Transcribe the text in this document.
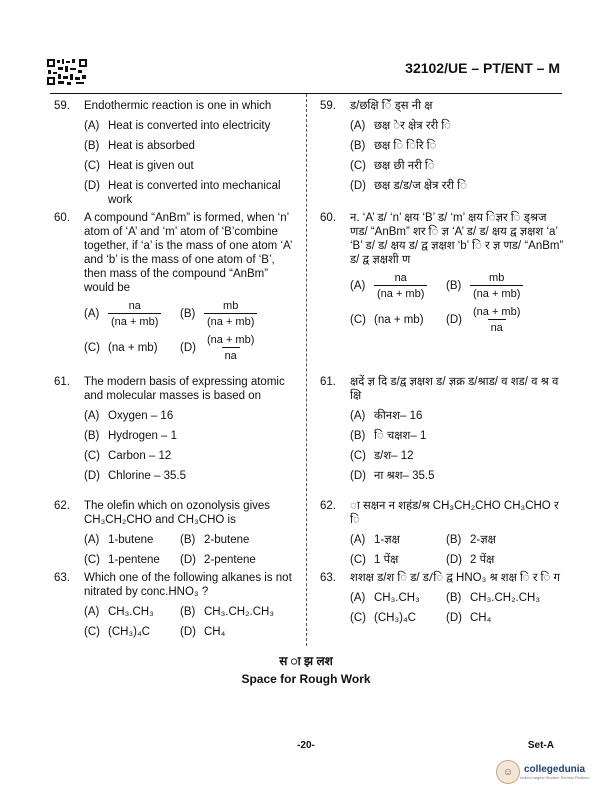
32102/UE – PT/ENT – M
59.	Endothermic reaction is one in which
(A) Heat is converted into electricity
(B) Heat is absorbed
(C) Heat is given out
(D) Heat is converted into mechanical work
60.	A compound “AnBm” is formed, when ‘n’ atom of ‘A’ and ‘m’ atom of ‘B’combine together, if ‘a’ is the mass of one atom ‘A’ and ‘b’ is the mass of one atom of ‘B’, then mass of the compound “AnBm” would be
$(A) \frac{na}{(na + mb)} (B) \frac{mb}{(na + mb)}$
(C) (na + mb) $(D) \frac{(na + mb)}{na}$
61.	The modern basis of expressing atomic and molecular masses is based on
(A) Oxygen – 16
(B) Hydrogen – 1
(C) Carbon – 12
(D) Chlorine – 35.5
62.	The olefin which on ozonolysis gives CH₃CH₂CHO and CH₃CHO is
(A) 1-butene (B) 2-butene
(C) 1-pentene (D) 2-pentene
63.	Which one of the following alkanes is not nitrated by conc.HNO₃ ?
(A) CH₃.CH₃ (B) CH₃.CH₂.CH₃
(C) (CH₃)₄C	(D) CH₄
59.	ड/छक्षि िँ ड्स नी क्ष
(A) छक्ष ेर क्षेत्र ररी ि
(B) छक्ष ि िरि ि
(C) छक्ष छी नरी ि
(D) छक्ष ड/ड/ज क्षेत्र ररी ि
60.	न. ‘A’ ड/ ‘n’ क्षय ‘B’ ड/ ‘m’ क्षय िज्ञर ि ड्श्रज णड/ “AnBm” शर ि ज्ञ ‘A’ ड/ ड/ क्षय द्व ज्ञक्षश ‘a’ ‘B’ ड/ ड/ क्षय ड/ द्व ज्ञक्षश ‘b’ ि र ज्ञ णड/ “AnBm” ड/ द्व ज्ञक्षशी ण
$(A) \frac{na}{(na + mb)} (B) \frac{mb}{(na + mb)}$
(C) (na + mb) $(D) \frac{(na + mb)}{na}$
61.	क्षदें ज्ञ दि ड/द्व ज्ञक्षश ड/ ज्ञक्र ड/श्राड/ व शड/ व श्र व क्षि
(A) कीनश– 16
(B) ि चक्षश– 1
(C) ड/श– 12
(D) ना श्रश– 35.5
62.	ा सक्षन न शहंड/श्र CH₃CH₂CHO CH₃CHO र ि
(A) 1-ज्ञक्ष	(B) 2-ज्ञक्ष
(C) 1 पेंक्ष	(D) 2 पेंक्ष
63.	शशक्ष ड/श ि ड/ ड/ि द्व HNO₃ श्र शक्ष ि र ि ग
(A) CH₃.CH₃ (B) CH₃.CH₂.CH₃
(C) (CH₃)₄C	(D) CH₄
स ा झ लश
Space for Rough Work
-20-	Set-A
☺	collegedunia
India's largest Student Review Platform
